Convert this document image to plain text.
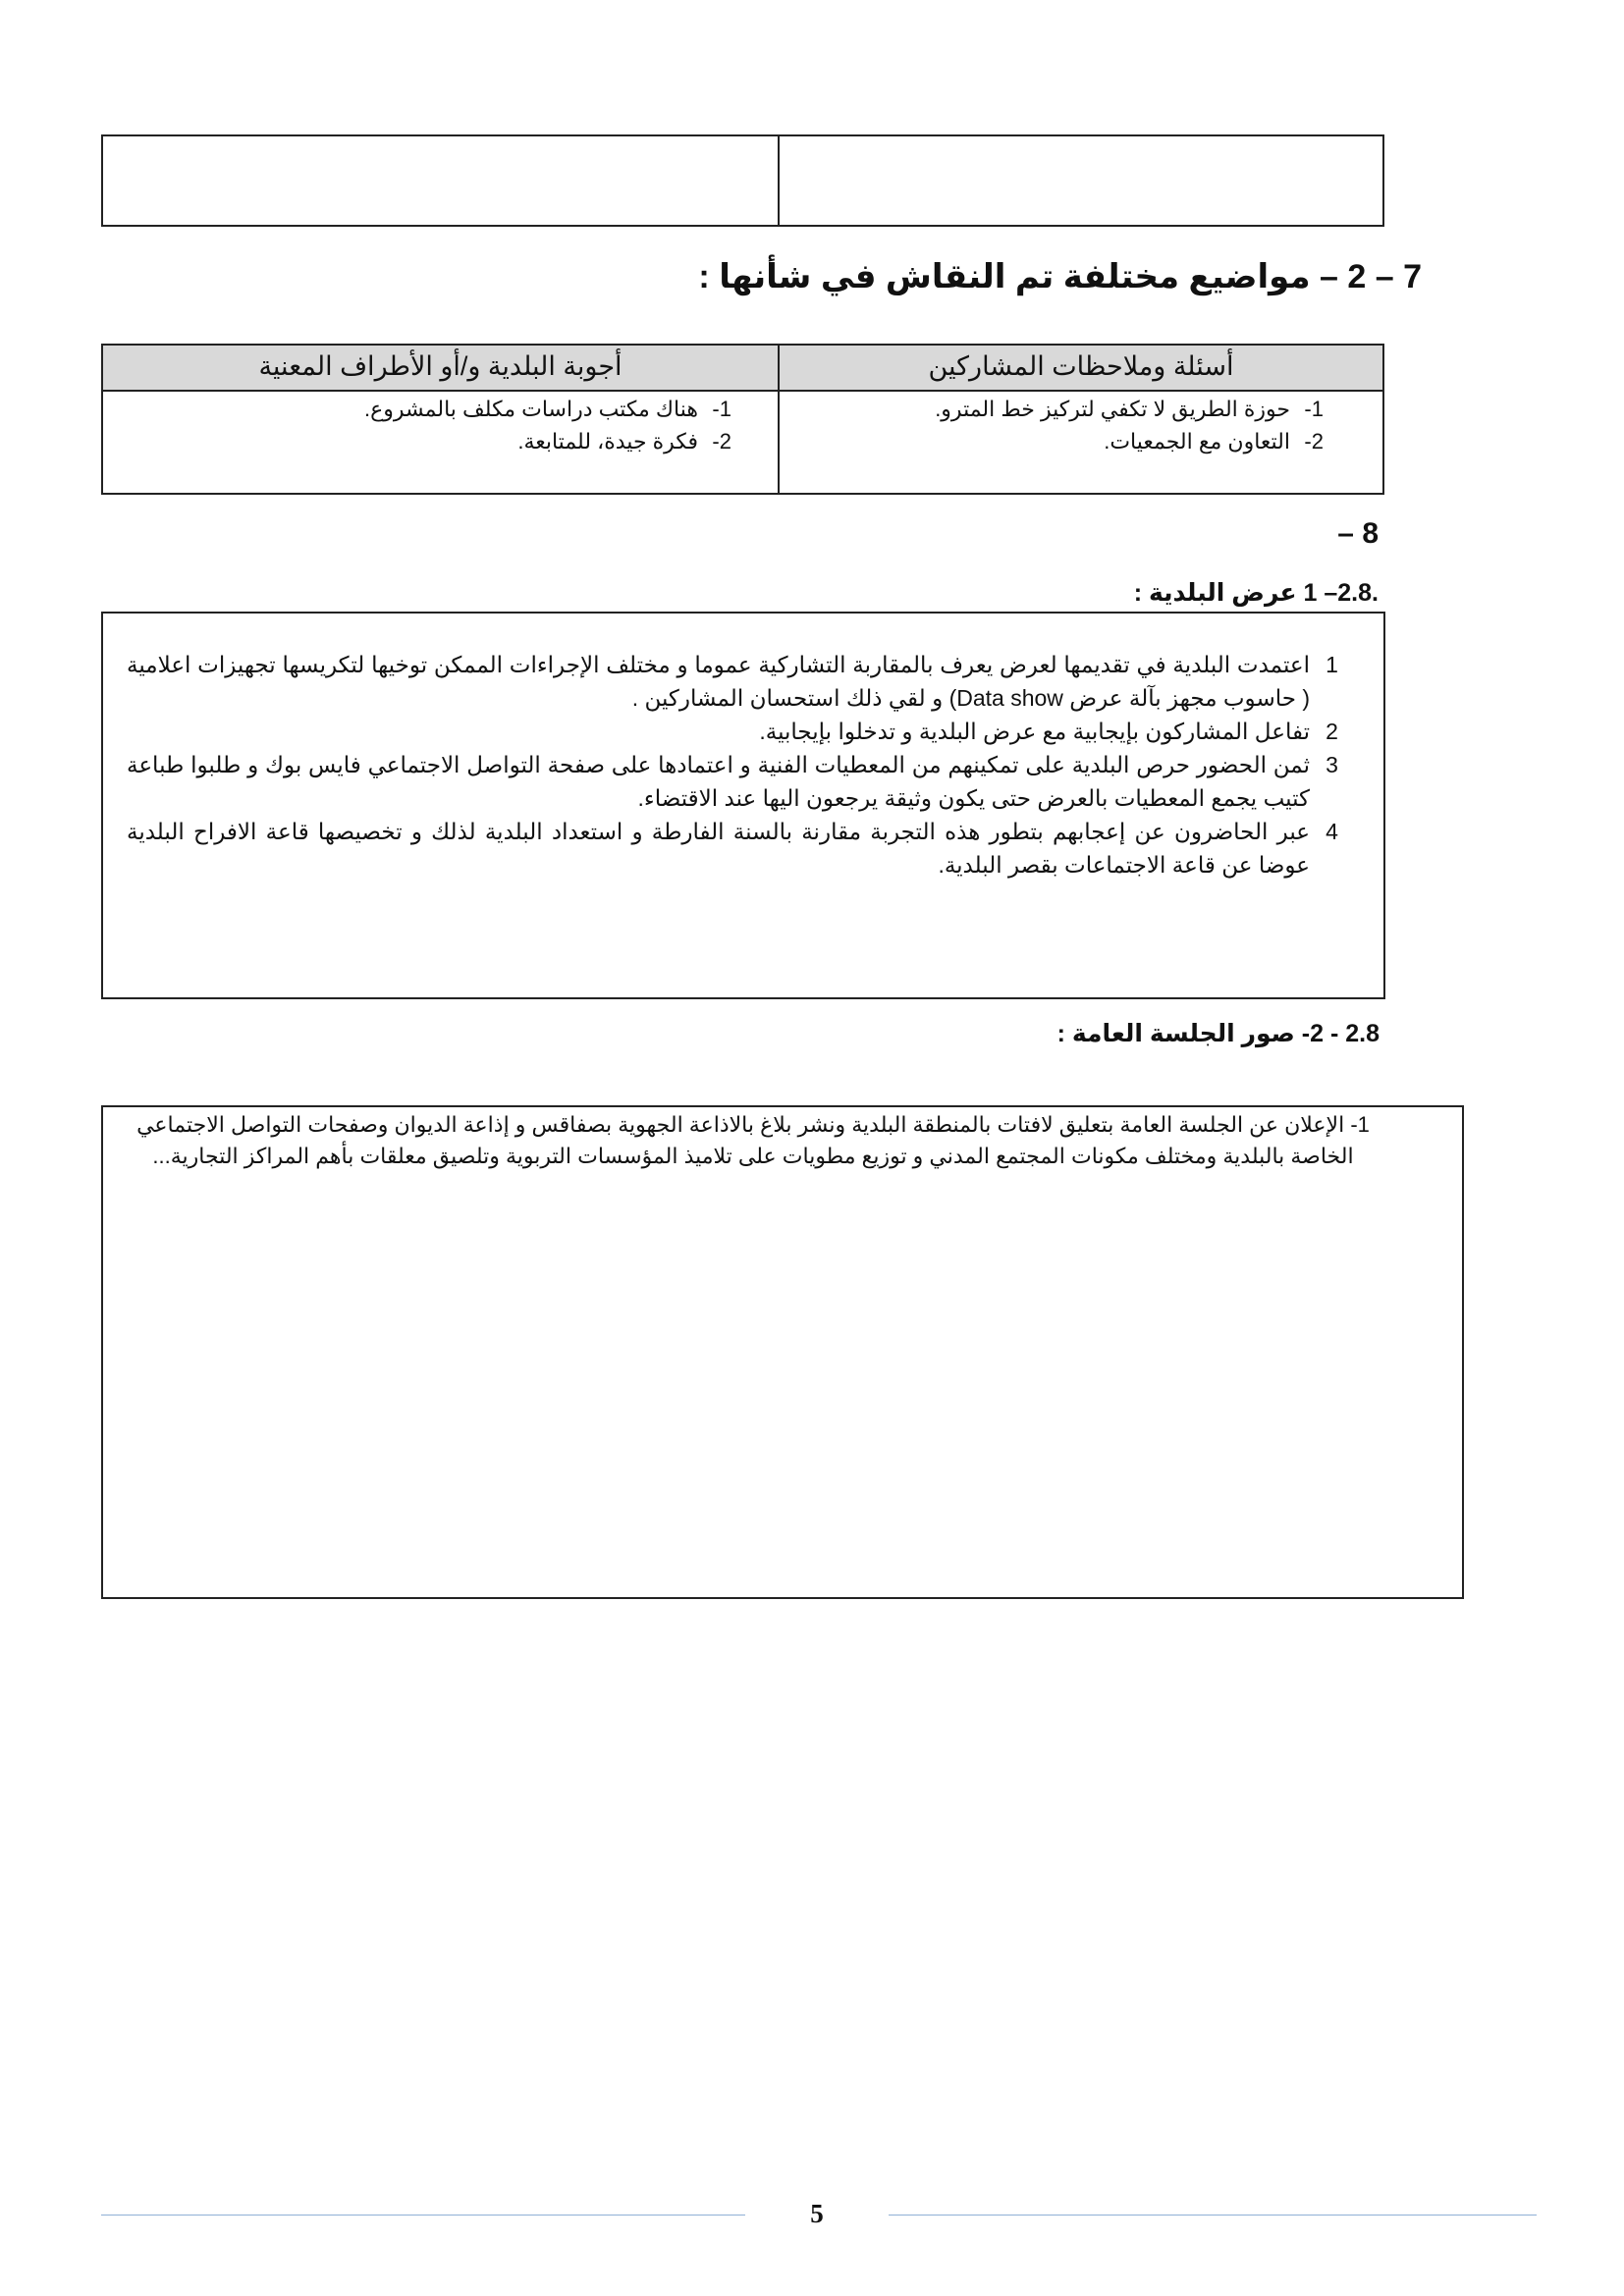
7 – 2 – مواضيع مختلفة تم النقاش في شأنها :
أسئلة وملاحظات المشاركين
أجوبة البلدية و/أو الأطراف المعنية
1-
حوزة الطريق لا تكفي لتركيز خط المترو.
2-
التعاون مع الجمعيات.
1-
هناك مكتب دراسات مكلف بالمشروع.
2-
فكرة جيدة، للمتابعة.
8 –
.2.8– 1 عرض البلدية :
1
اعتمدت البلدية في تقديمها لعرض يعرف بالمقاربة التشاركية عموما و مختلف الإجراءات الممكن توخيها لتكريسها تجهيزات اعلامية ( حاسوب مجهز بآلة عرض Data show) و لقي ذلك استحسان المشاركين .
2
تفاعل المشاركون بإيجابية مع عرض البلدية و تدخلوا بإيجابية.
3
ثمن الحضور حرص البلدية على تمكينهم من المعطيات الفنية و اعتمادها على صفحة التواصل الاجتماعي فايس بوك و طلبوا طباعة كتيب يجمع المعطيات بالعرض حتى يكون وثيقة يرجعون اليها عند الاقتضاء.
4
عبر الحاضرون عن إعجابهم بتطور هذه التجربة مقارنة بالسنة الفارطة و استعداد البلدية لذلك و تخصيصها قاعة الافراح البلدية عوضا عن قاعة الاجتماعات بقصر البلدية.
2.8 - 2- صور الجلسة العامة :
1- الإعلان عن الجلسة العامة بتعليق لافتات بالمنطقة البلدية ونشر بلاغ بالاذاعة الجهوية بصفاقس و إذاعة الديوان وصفحات التواصل الاجتماعي الخاصة بالبلدية ومختلف مكونات المجتمع المدني و توزيع مطويات على تلاميذ المؤسسات التربوية وتلصيق معلقات بأهم المراكز التجارية...
5
